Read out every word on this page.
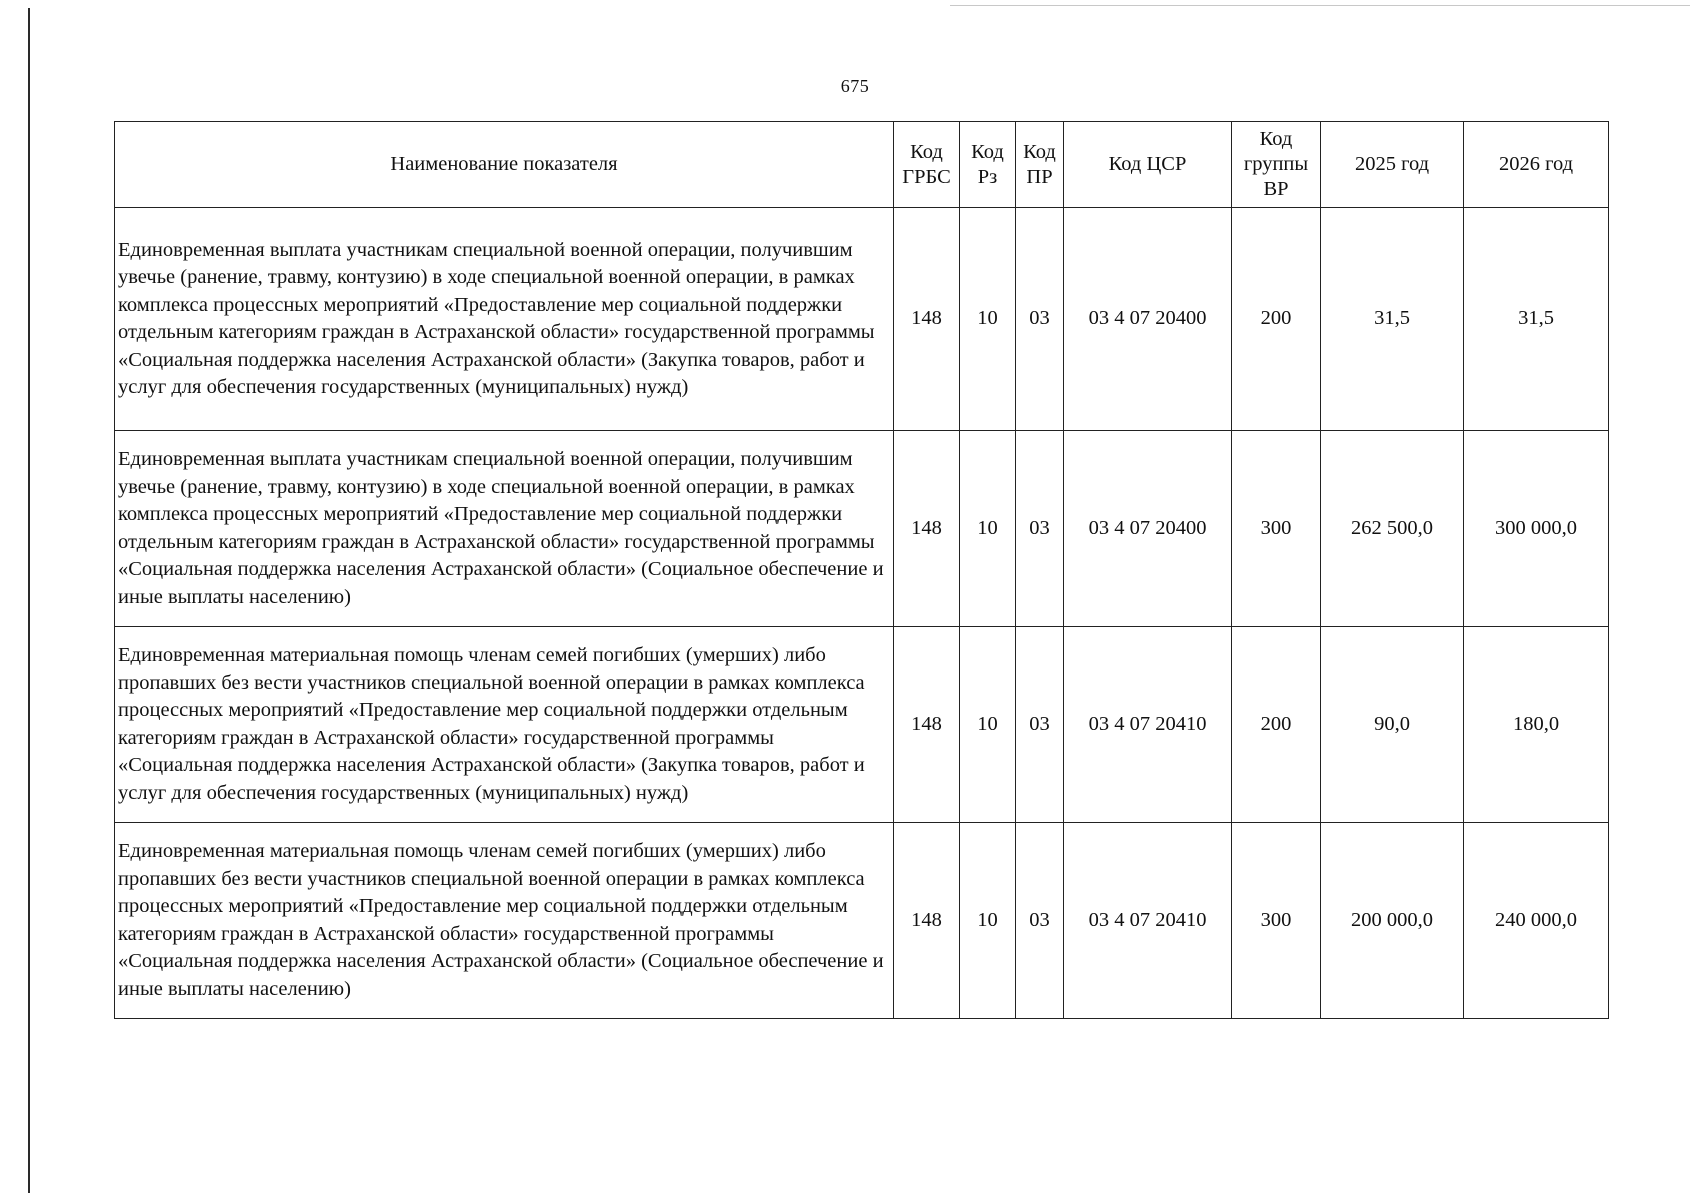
675
Наименование показателя	Код ГРБС	Код Рз	Код ПР	Код ЦСР	Код группы ВР	2025 год	2026 год
Единовременная выплата участникам специальной военной операции, получившим увечье (ранение, травму, контузию) в ходе специальной военной операции, в рамках комплекса процессных мероприятий «Предоставление мер социальной поддержки отдельным категориям граждан в Астраханской области» государственной программы «Социальная поддержка населения Астраханской области» (Закупка товаров, работ и услуг для обеспечения государственных (муниципальных) нужд)	148	10	03	03 4 07 20400	200	31,5	31,5
Единовременная выплата участникам специальной военной операции, получившим увечье (ранение, травму, контузию) в ходе специальной военной операции, в рамках комплекса процессных мероприятий «Предоставление мер социальной поддержки отдельным категориям граждан в Астраханской области» государственной программы «Социальная поддержка населения Астраханской области» (Социальное обеспечение и иные выплаты населению)	148	10	03	03 4 07 20400	300	262 500,0	300 000,0
Единовременная материальная помощь членам семей погибших (умерших) либо пропавших без вести участников специальной военной операции в рамках комплекса процессных мероприятий «Предоставление мер социальной поддержки отдельным категориям граждан в Астраханской области» государственной программы «Социальная поддержка населения Астраханской области» (Закупка товаров, работ и услуг для обеспечения государственных (муниципальных) нужд)	148	10	03	03 4 07 20410	200	90,0	180,0
Единовременная материальная помощь членам семей погибших (умерших) либо пропавших без вести участников специальной военной операции в рамках комплекса процессных мероприятий «Предоставление мер социальной поддержки отдельным категориям граждан в Астраханской области» государственной программы «Социальная поддержка населения Астраханской области» (Социальное обеспечение и иные выплаты населению)	148	10	03	03 4 07 20410	300	200 000,0	240 000,0
